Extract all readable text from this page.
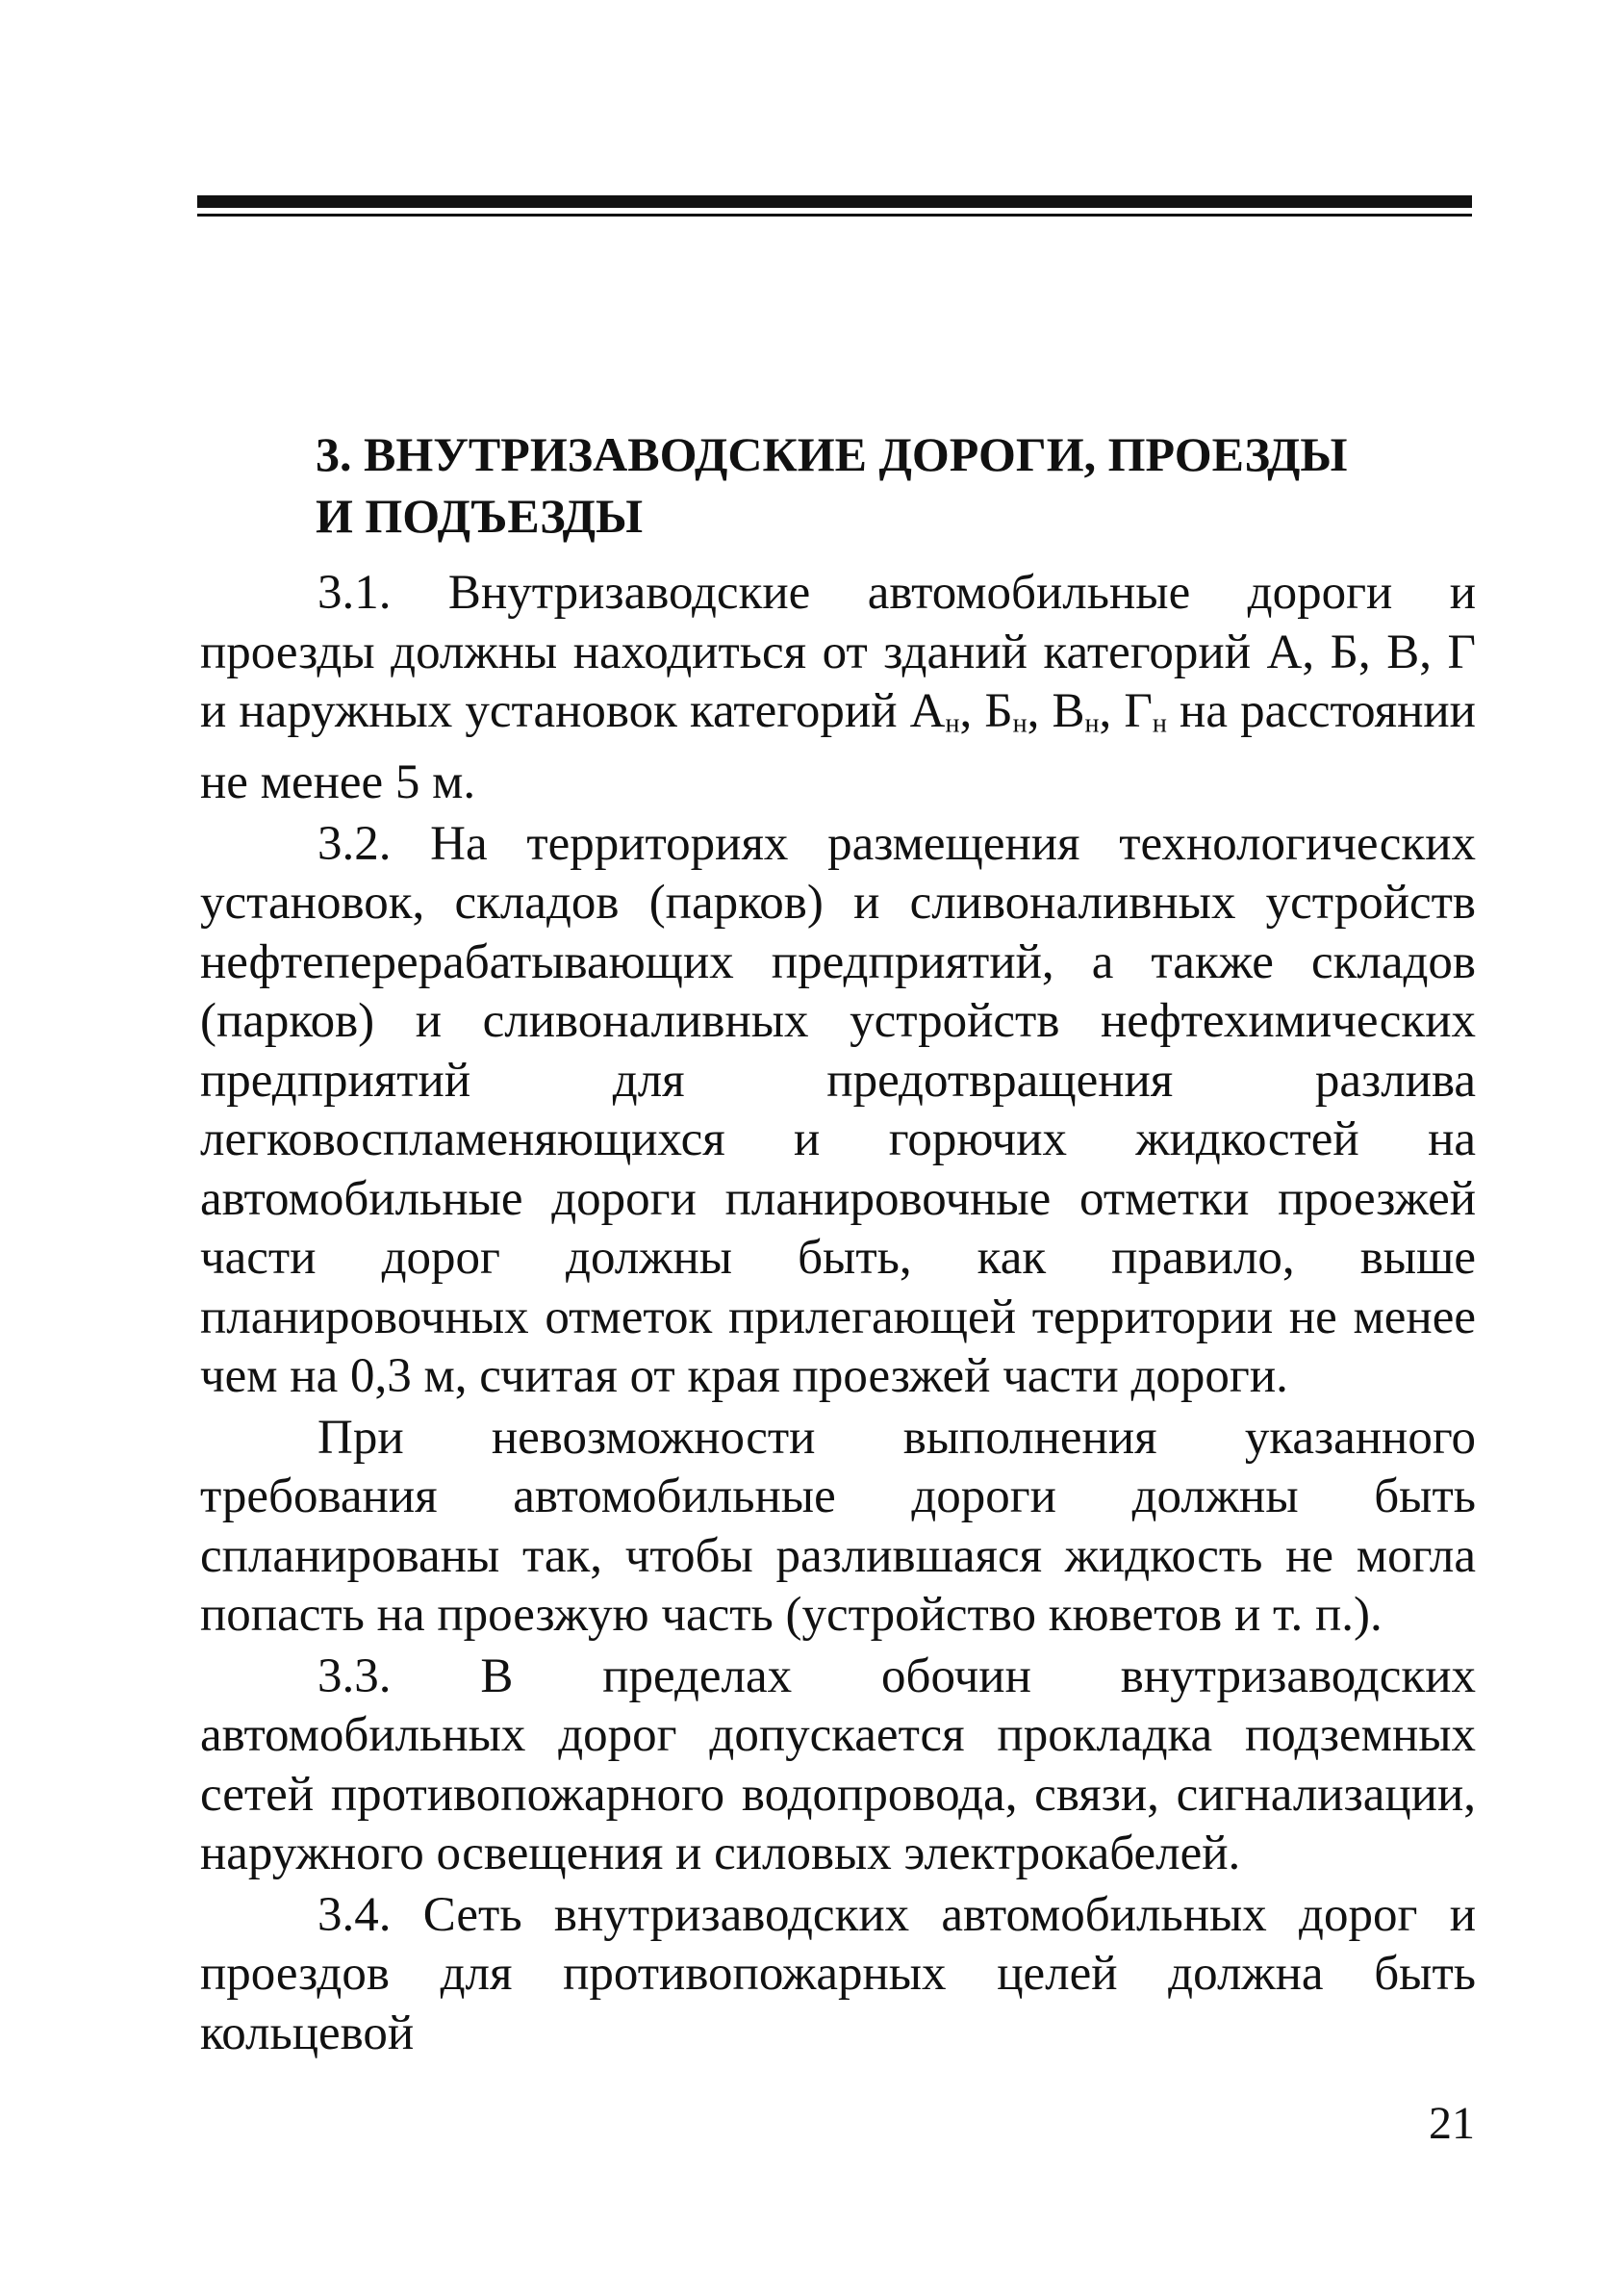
3. ВНУТРИЗАВОДСКИЕ ДОРОГИ, ПРОЕЗДЫ
И ПОДЪЕЗДЫ

3.1. Внутризаводские автомобильные дороги и проезды должны находиться от зданий категорий А, Б, В, Г и наружных установок категорий $А_н$, $Б_н$, $В_н$, $Г_н$ на расстоянии не менее 5 м.

3.2. На территориях размещения технологических установок, складов (парков) и сливоналивных устройств нефтеперерабатывающих предприятий, а также складов (парков) и сливоналивных устройств нефтехимических предприятий для предотвращения разлива легковоспламеняющихся и горючих жидкостей на автомобильные дороги планировочные отметки проезжей части дорог должны быть, как правило, выше планировочных отметок прилегающей территории не менее чем на 0,3 м, считая от края проезжей части дороги.

При невозможности выполнения указанного требования автомобильные дороги должны быть спланированы так, чтобы разлившаяся жидкость не могла попасть на проезжую часть (устройство кюветов и т. п.).

3.3. В пределах обочин внутризаводских автомобильных дорог допускается прокладка подземных сетей противопожарного водопровода, связи, сигнализации, наружного освещения и силовых электрокабелей.

3.4. Сеть внутризаводских автомобильных дорог и проездов для противопожарных целей должна быть кольцевой

21
